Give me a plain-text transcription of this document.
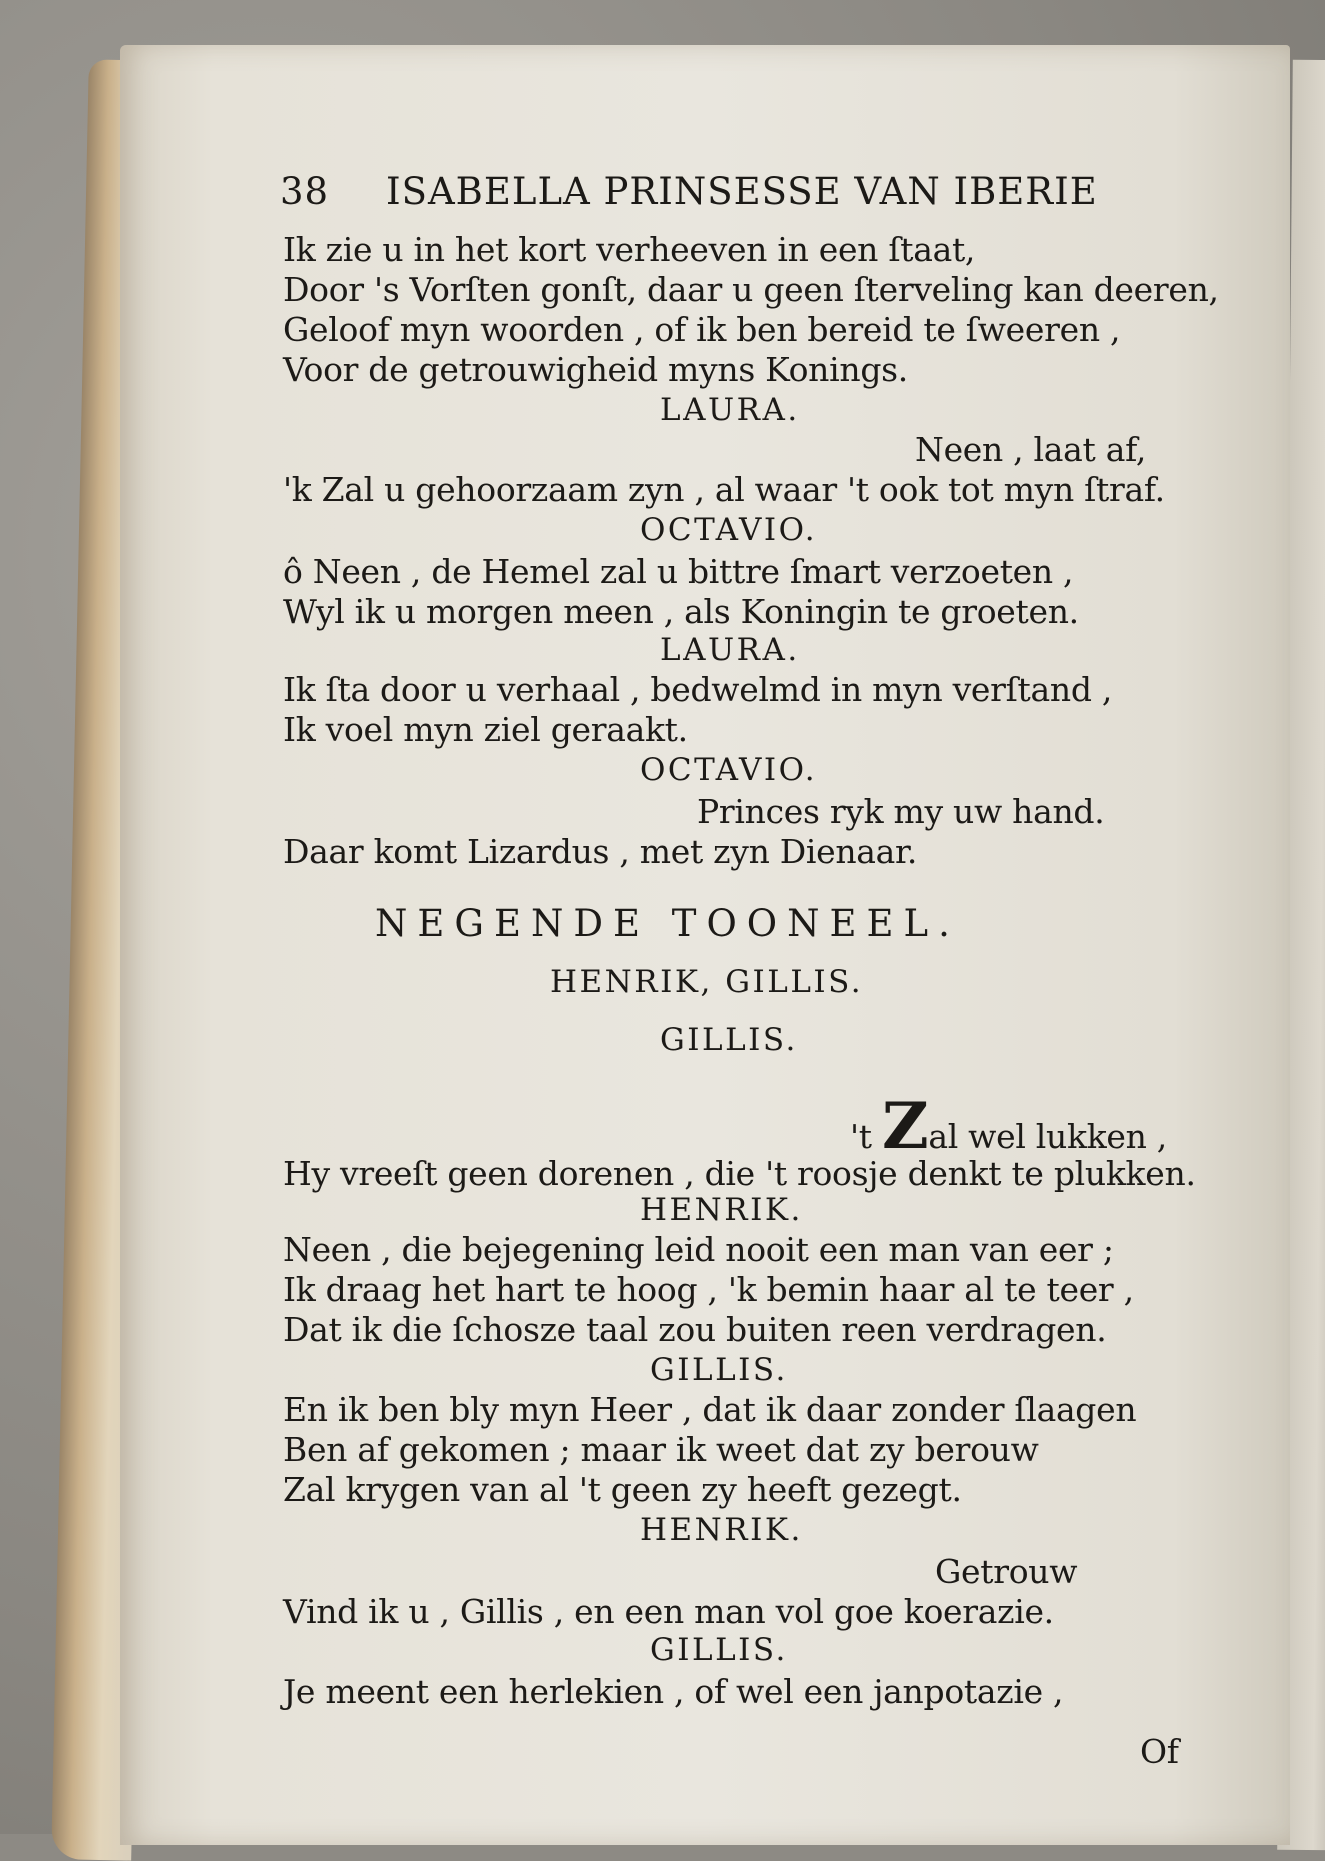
38 ISABELLA PRINSESSE VAN IBERIE
Ik zie u in het kort verheeven in een ſtaat,
Door 's Vorſten gonſt, daar u geen ſterveling kan deeren,
Geloof myn woorden , of ik ben bereid te ſweeren ,
Voor de getrouwigheid myns Konings.
LAURA.
Neen , laat af,
'k Zal u gehoorzaam zyn , al waar 't ook tot myn ſtraf.
OCTAVIO.
ô Neen , de Hemel zal u bittre ſmart verzoeten ,
Wyl ik u morgen meen , als Koningin te groeten.
LAURA.
Ik ſta door u verhaal , bedwelmd in myn verſtand ,
Ik voel myn ziel geraakt.
OCTAVIO.
Princes ryk my uw hand.
Daar komt Lizardus , met zyn Dienaar.
NEGENDE TOONEEL.
HENRIK, GILLIS.
GILLIS.
't Zal wel lukken ,
Hy vreeſt geen dorenen , die 't roosje denkt te plukken.
HENRIK.
Neen , die bejegening leid nooit een man van eer ;
Ik draag het hart te hoog , 'k bemin haar al te teer ,
Dat ik die ſchosze taal zou buiten reen verdragen.
GILLIS.
En ik ben bly myn Heer , dat ik daar zonder ſlaagen
Ben af gekomen ; maar ik weet dat zy berouw
Zal krygen van al 't geen zy heeft gezegt.
HENRIK.
Getrouw
Vind ik u , Gillis , en een man vol goe koerazie.
GILLIS.
Je meent een herlekien , of wel een janpotazie ,
Of
